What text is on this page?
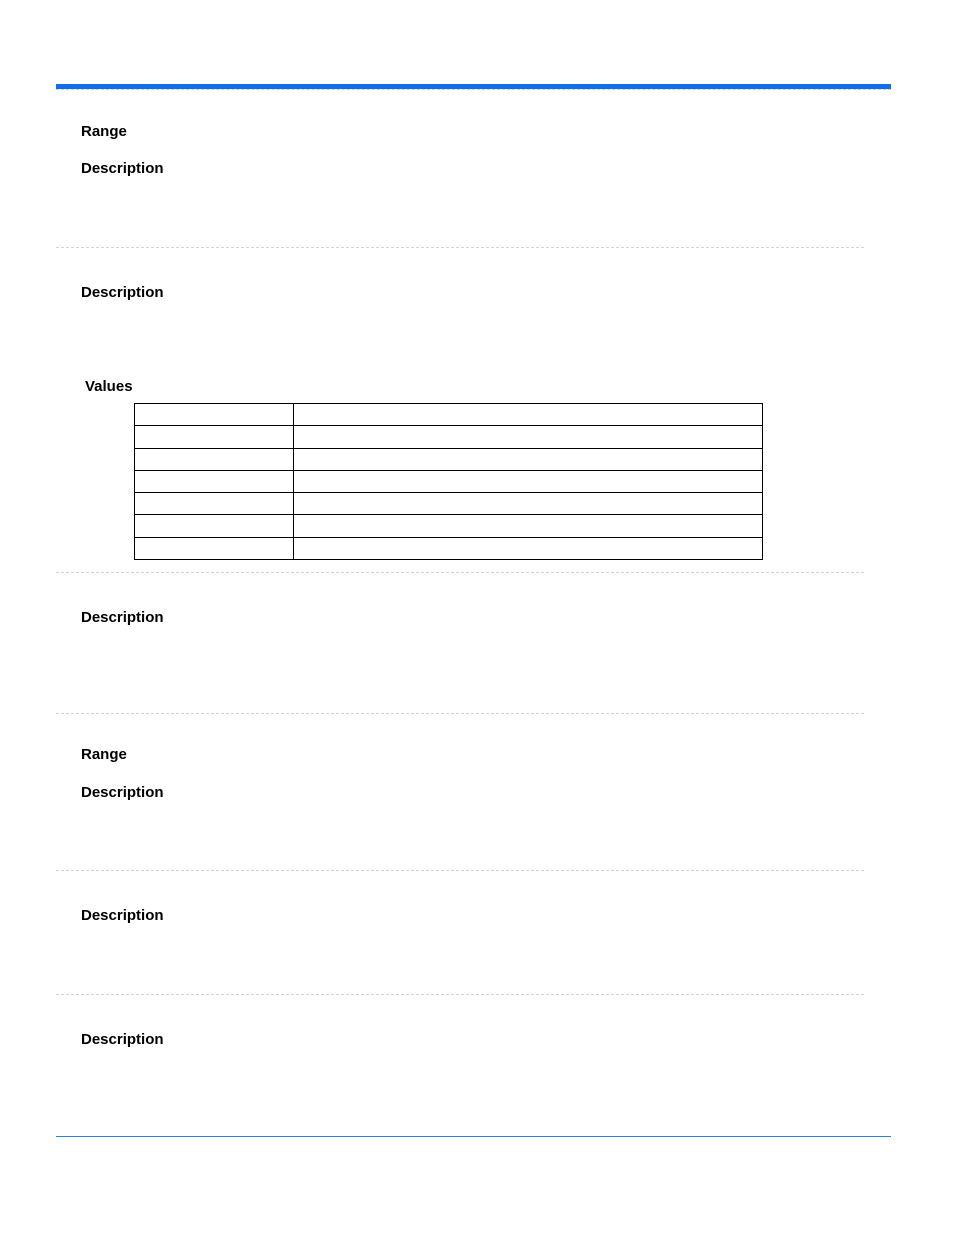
Range
Description
Description
Values

Description
Range
Description
Description
Description
